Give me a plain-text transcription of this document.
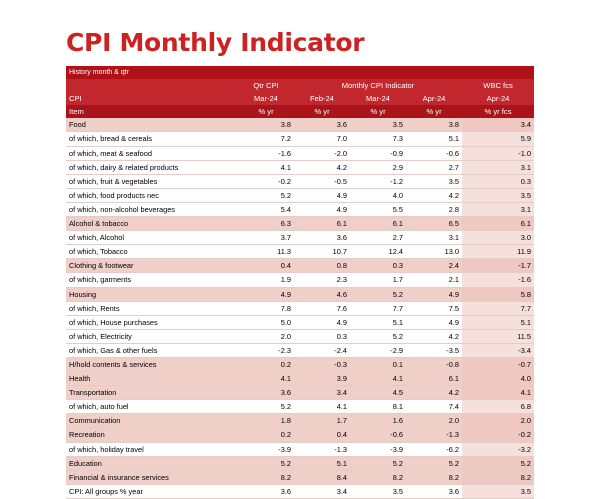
CPI Monthly Indicator
History month & qtr					
	Qtr CPI	Monthly CPI Indicator			WBC fcs
CPI	Mar-24	Feb-24	Mar-24	Apr-24	Apr-24
Item	% yr	% yr	% yr	% yr	% yr fcs
Food	3.8	3.6	3.5	3.8	3.4
of which, bread & cereals	7.2	7.0	7.3	5.1	5.9
of which, meat & seafood	-1.6	-2.0	-0.9	-0.6	-1.0
of which, dairy & related products	4.1	4.2	2.9	2.7	3.1
of which, fruit & vegetables	-0.2	-0.5	-1.2	3.5	0.3
of which, food products nec	5.2	4.9	4.0	4.2	3.5
of which, non-alcohol beverages	5.4	4.9	5.5	2.8	3.1
Alcohol & tobacco	6.3	6.1	6.1	6.5	6.1
of which, Alcohol	3.7	3.6	2.7	3.1	3.0
of which, Tobacco	11.3	10.7	12.4	13.0	11.9
Clothing & footwear	0.4	0.8	0.3	2.4	-1.7
of which, garments	1.9	2.3	1.7	2.1	-1.6
Housing	4.9	4.6	5.2	4.9	5.8
of which, Rents	7.8	7.6	7.7	7.5	7.7
of which, House purchases	5.0	4.9	5.1	4.9	5.1
of which, Electricity	2.0	0.3	5.2	4.2	11.5
of which, Gas & other fuels	-2.3	-2.4	-2.9	-3.5	-3.4
H/hold contents & services	0.2	-0.3	0.1	-0.8	-0.7
Health	4.1	3.9	4.1	6.1	4.0
Transportation	3.6	3.4	4.5	4.2	4.1
of which, auto fuel	5.2	4.1	8.1	7.4	6.8
Communication	1.8	1.7	1.6	2.0	2.0
Recreation	0.2	0.4	-0.6	-1.3	-0.2
of which, holiday travel	-3.9	-1.3	-3.9	-6.2	-3.2
Education	5.2	5.1	5.2	5.2	5.2
Financial & insurance services	8.2	8.4	8.2	8.2	8.2
CPI: All groups % year	3.6	3.4	3.5	3.6	3.5
